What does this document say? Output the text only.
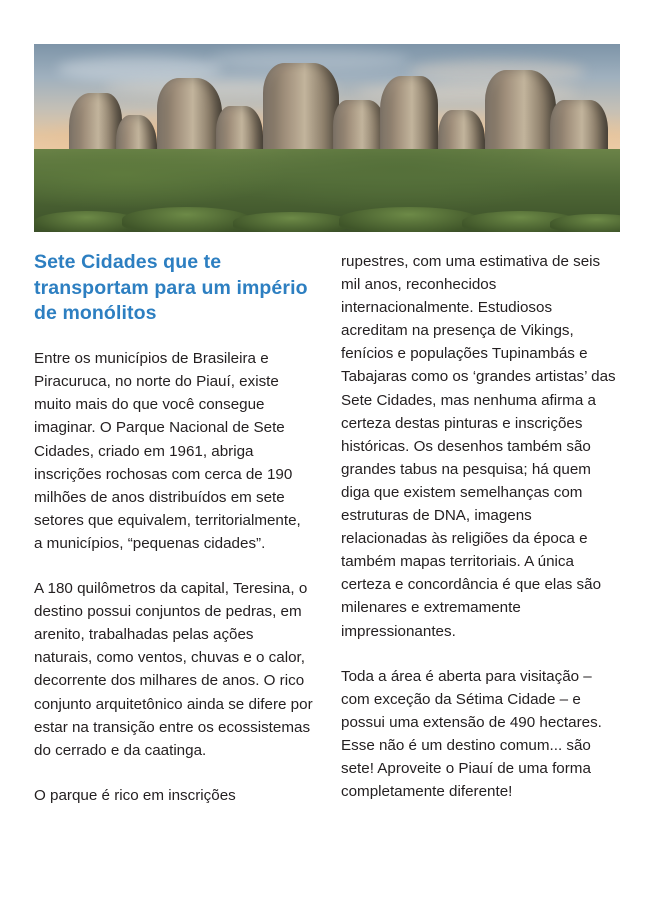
Sete Cidades que te transportam para um império de monólitos

Entre os municípios de Brasileira e Piracuruca, no norte do Piauí, existe muito mais do que você consegue imaginar. O Parque Nacional de Sete Cidades, criado em 1961, abriga inscrições rochosas com cerca de 190 milhões de anos distribuídos em sete setores que equivalem, territorialmente, a municípios, “pequenas cidades”.

A 180 quilômetros da capital, Teresina, o destino possui conjuntos de pedras, em arenito, trabalhadas pelas ações naturais, como ventos, chuvas e o calor, decorrente dos milhares de anos. O rico conjunto arquitetônico ainda se difere por estar na transição entre os ecossistemas do cerrado e da caatinga.

O parque é rico em inscrições

rupestres, com uma estimativa de seis mil anos, reconhecidos internacionalmente. Estudiosos acreditam na presença de Vikings, fenícios e populações Tupinambás e Tabajaras como os ‘grandes artistas’ das Sete Cidades, mas nenhuma afirma a certeza destas pinturas e inscrições históricas. Os desenhos também são grandes tabus na pesquisa; há quem diga que existem semelhanças com estruturas de DNA, imagens relacionadas às religiões da época e também mapas territoriais. A única certeza e concordância é que elas são milenares e extremamente impressionantes.

Toda a área é aberta para visitação – com exceção da Sétima Cidade – e possui uma extensão de 490 hectares. Esse não é um destino comum... são sete! Aproveite o Piauí de uma forma completamente diferente!
